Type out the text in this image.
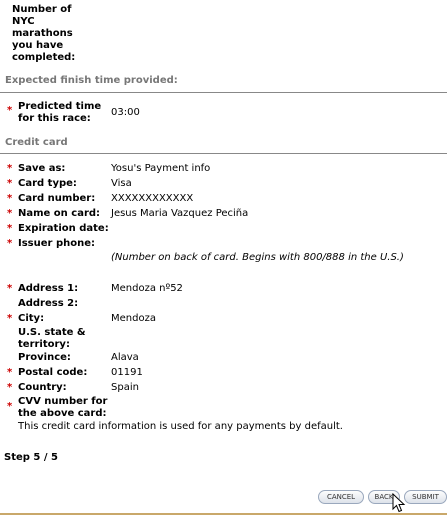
Number of
NYC
marathons
you have
completed:
Expected finish time provided:
* Predicted time
for this race:
03:00
Credit card
* Save as:	Yosu's Payment info
* Card type:	Visa
* Card number: XXXXXXXXXXXX
* Name on card: Jesus Maria Vazquez Peciña
* Expiration date:
* Issuer phone:
(Number on back of card. Begins with 800/888 in the U.S.)
* Address 1:	Mendoza nº52
Address 2:
* City:	Mendoza
U.S. state &
territory:
Province:	Alava
* Postal code: 01191
* Country:	Spain
* CVV number for
the above card:
This credit card information is used for any payments by default.
Step 5 / 5
CANCEL	BACK	SUBMIT
